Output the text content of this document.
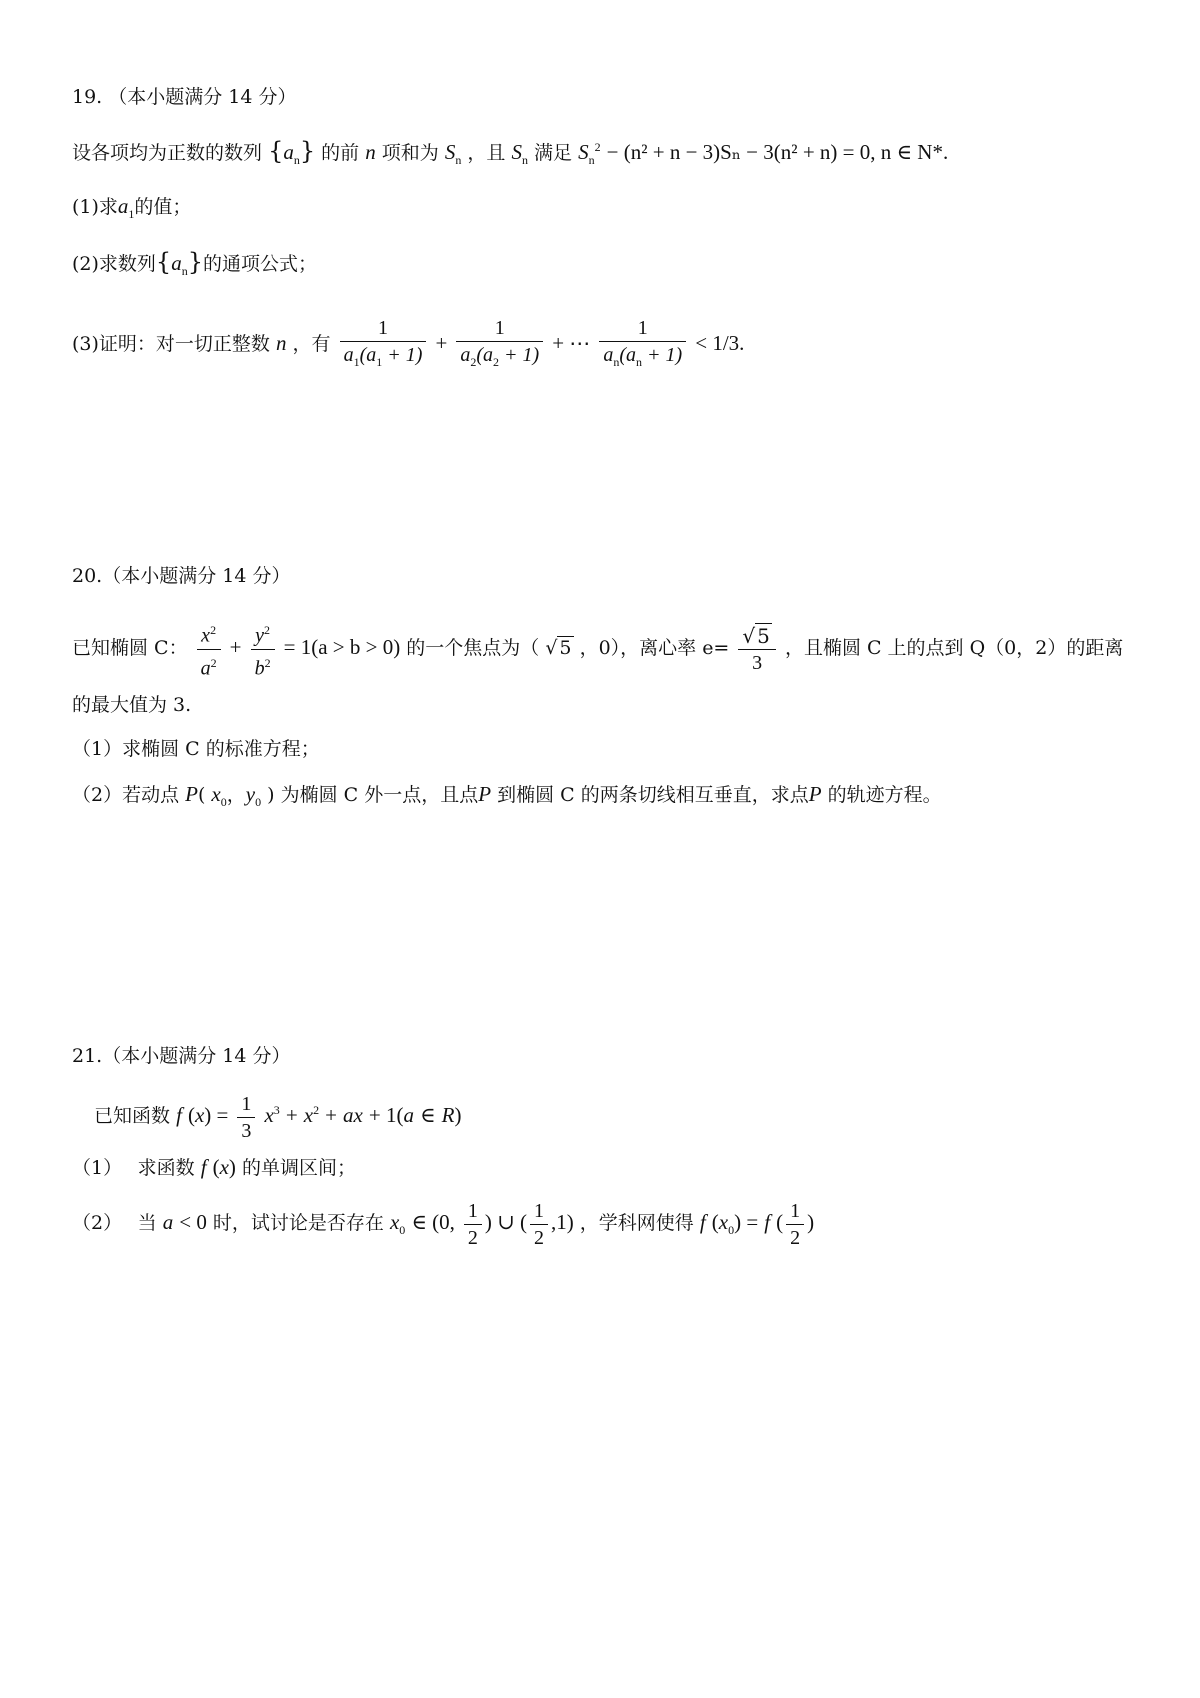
19. （本小题满分 14 分）
设各项均为正数的数列 $\{a_n\}$ 的前 n 项和为 $S_n$ ，且 $S_n$ 满足 $S_n^2 - (n^2 + n - 3)S_n - 3(n^2 + n) = 0$, n ∈ N*.
(1)求$a_1$的值；
(2)求数列$\{a_n\}$的通项公式；
(3)证明：对一切正整数 n ，有 $\frac{1}{a_1(a_1 + 1)} + \frac{1}{a_2(a_2 + 1)}$ + ⋯ $\frac{1}{a_n(a_n + 1)} < 1/3$.
20.（本小题满分 14 分）
已知椭圆 C： $\frac{x^2}{a^2} + \frac{y^2}{b^2} = 1(a > b > 0)$ 的一个焦点为（ √ 5 ，0），离心率 $e= \frac{√ 5}{3}$ ，且椭圆 C 上的点到 Q（0，2）的距离
的最大值为 3.
（1）求椭圆 C 的标准方程；
（2）若动点 P( $x_0$，$y_0$ ) 为椭圆 C 外一点，且点P 到椭圆 C 的两条切线相互垂直，求点P 的轨迹方程。
21.（本小题满分 14 分）
已知函数 f $(x) = \frac{1}{3} x^3 + x^2$ + ax + 1(a ∈ R)
（1）　 求函数 f (x) 的单调区间；
（2）　 当 a < 0 时，试讨论是否存在 $x_0$ ∈ (0, $\frac{1}{2}$ ) ∪ ( $\frac{1}{2} ,1$) ，学科网使得 f $(x_0) = f$ ( $\frac{1}{2}$ )
